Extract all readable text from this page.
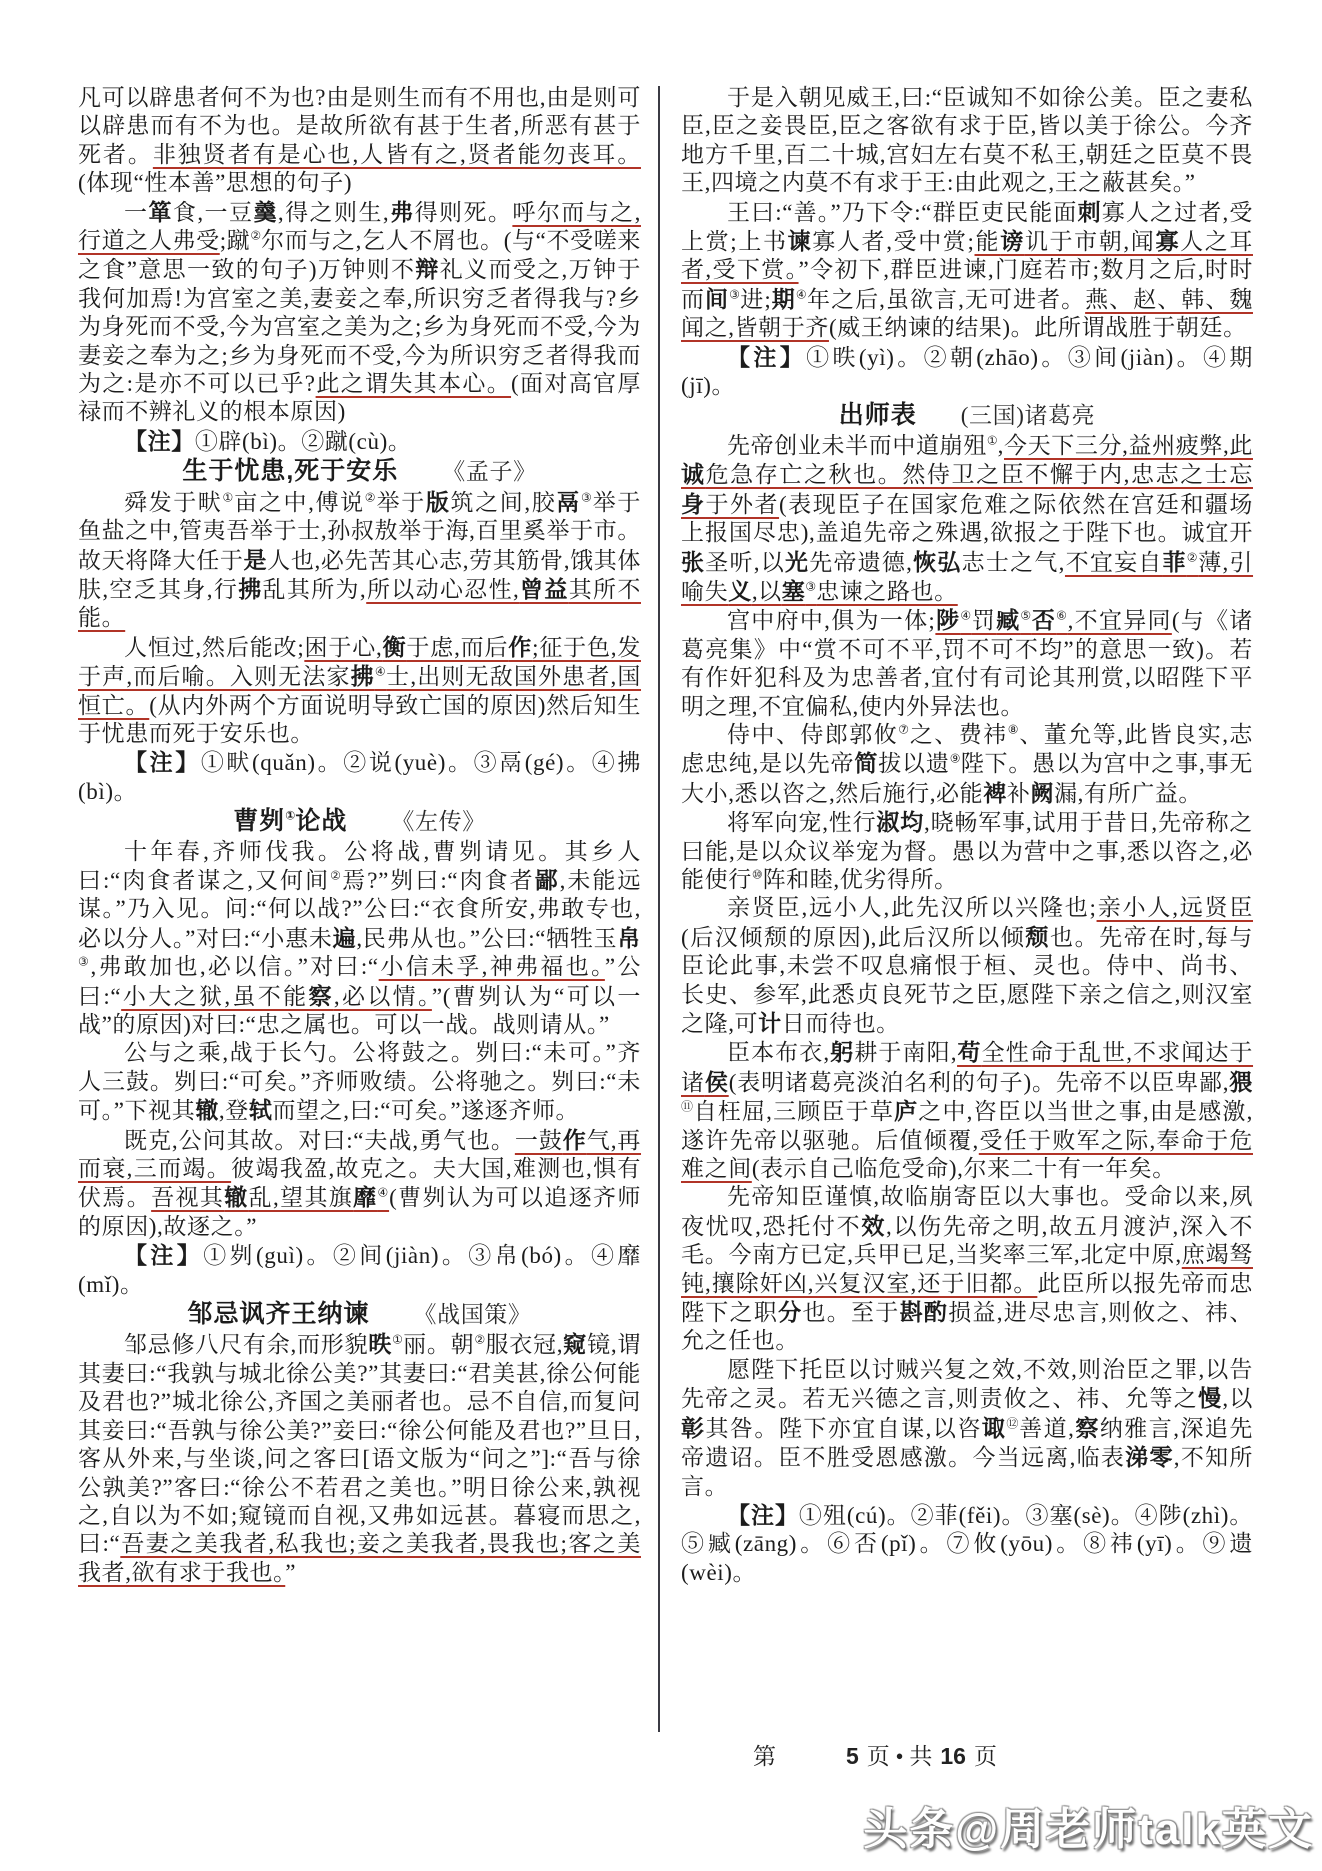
凡可以辟患者何不为也?由是则生而有不用也,由是则可以辟患而有不为也。是故所欲有甚于生者,所恶有甚于死者。非独贤者有是心也,人皆有之,贤者能勿丧耳。(体现“性本善”思想的句子)

一箪食,一豆羹,得之则生,弗得则死。呼尔而与之,行道之人弗受;蹴②尔而与之,乞人不屑也。(与“不受嗟来之食”意思一致的句子)万钟则不辩礼义而受之,万钟于我何加焉!为宫室之美,妻妾之奉,所识穷乏者得我与?乡为身死而不受,今为宫室之美为之;乡为身死而不受,今为妻妾之奉为之;乡为身死而不受,今为所识穷乏者得我而为之:是亦不可以已乎?此之谓失其本心。(面对高官厚禄而不辨礼义的根本原因)

【注】①辟(bì)。②蹴(cù)。

生于忧患,死于安乐 《孟子》

舜发于畎①亩之中,傅说②举于版筑之间,胶鬲③举于鱼盐之中,管夷吾举于士,孙叔敖举于海,百里奚举于市。故天将降大任于是人也,必先苦其心志,劳其筋骨,饿其体肤,空乏其身,行拂乱其所为,所以动心忍性,曾益其所不能。

人恒过,然后能改;困于心,衡于虑,而后作;征于色,发于声,而后喻。入则无法家拂④士,出则无敌国外患者,国恒亡。(从内外两个方面说明导致亡国的原因)然后知生于忧患而死于安乐也。

【注】①畎(quǎn)。②说(yuè)。③鬲(gé)。④拂(bì)。

曹刿①论战 《左传》

十年春,齐师伐我。公将战,曹刿请见。其乡人曰:“肉食者谋之,又何间②焉?”刿曰:“肉食者鄙,未能远谋。”乃入见。问:“何以战?”公曰:“衣食所安,弗敢专也,必以分人。”对曰:“小惠未遍,民弗从也。”公曰:“牺牲玉帛③,弗敢加也,必以信。”对曰:“小信未孚,神弗福也。”公曰:“小大之狱,虽不能察,必以情。”(曹刿认为“可以一战”的原因)对曰:“忠之属也。可以一战。战则请从。”

公与之乘,战于长勺。公将鼓之。刿曰:“未可。”齐人三鼓。刿曰:“可矣。”齐师败绩。公将驰之。刿曰:“未可。”下视其辙,登轼而望之,曰:“可矣。”遂逐齐师。

既克,公问其故。对曰:“夫战,勇气也。一鼓作气,再而衰,三而竭。彼竭我盈,故克之。夫大国,难测也,惧有伏焉。吾视其辙乱,望其旗靡④(曹刿认为可以追逐齐师的原因),故逐之。”

【注】①刿(guì)。②间(jiàn)。③帛(bó)。④靡(mǐ)。

邹忌讽齐王纳谏 《战国策》

邹忌修八尺有余,而形貌昳①丽。朝②服衣冠,窥镜,谓其妻曰:“我孰与城北徐公美?”其妻曰:“君美甚,徐公何能及君也?”城北徐公,齐国之美丽者也。忌不自信,而复问其妾曰:“吾孰与徐公美?”妾曰:“徐公何能及君也?”旦日,客从外来,与坐谈,问之客曰[语文版为“问之”]:“吾与徐公孰美?”客曰:“徐公不若君之美也。”明日徐公来,孰视之,自以为不如;窥镜而自视,又弗如远甚。暮寝而思之,曰:“吾妻之美我者,私我也;妾之美我者,畏我也;客之美我者,欲有求于我也。”

于是入朝见威王,曰:“臣诚知不如徐公美。臣之妻私臣,臣之妾畏臣,臣之客欲有求于臣,皆以美于徐公。今齐地方千里,百二十城,宫妇左右莫不私王,朝廷之臣莫不畏王,四境之内莫不有求于王:由此观之,王之蔽甚矣。”

王曰:“善。”乃下令:“群臣吏民能面刺寡人之过者,受上赏;上书谏寡人者,受中赏;能谤讥于市朝,闻寡人之耳者,受下赏。”令初下,群臣进谏,门庭若市;数月之后,时时而间③进;期④年之后,虽欲言,无可进者。燕、赵、韩、魏闻之,皆朝于齐(威王纳谏的结果)。此所谓战胜于朝廷。

【注】①昳(yì)。②朝(zhāo)。③间(jiàn)。④期(jī)。

出师表 (三国)诸葛亮

先帝创业未半而中道崩殂①,今天下三分,益州疲弊,此诚危急存亡之秋也。然侍卫之臣不懈于内,忠志之士忘身于外者(表现臣子在国家危难之际依然在宫廷和疆场上报国尽忠),盖追先帝之殊遇,欲报之于陛下也。诚宜开张圣听,以光先帝遗德,恢弘志士之气,不宜妄自菲②薄,引喻失义,以塞③忠谏之路也。

宫中府中,俱为一体;陟④罚臧⑤否⑥,不宜异同(与《诸葛亮集》中“赏不可不平,罚不可不均”的意思一致)。若有作奸犯科及为忠善者,宜付有司论其刑赏,以昭陛下平明之理,不宜偏私,使内外异法也。

侍中、侍郎郭攸⑦之、费祎⑧、董允等,此皆良实,志虑忠纯,是以先帝简拔以遗⑨陛下。愚以为宫中之事,事无大小,悉以咨之,然后施行,必能裨补阙漏,有所广益。

将军向宠,性行淑均,晓畅军事,试用于昔日,先帝称之曰能,是以众议举宠为督。愚以为营中之事,悉以咨之,必能使行⑩阵和睦,优劣得所。

亲贤臣,远小人,此先汉所以兴隆也;亲小人,远贤臣(后汉倾颓的原因),此后汉所以倾颓也。先帝在时,每与臣论此事,未尝不叹息痛恨于桓、灵也。侍中、尚书、长史、参军,此悉贞良死节之臣,愿陛下亲之信之,则汉室之隆,可计日而待也。

臣本布衣,躬耕于南阳,苟全性命于乱世,不求闻达于诸侯(表明诸葛亮淡泊名利的句子)。先帝不以臣卑鄙,猥⑪自枉屈,三顾臣于草庐之中,咨臣以当世之事,由是感激,遂许先帝以驱驰。后值倾覆,受任于败军之际,奉命于危难之间(表示自己临危受命),尔来二十有一年矣。

先帝知臣谨慎,故临崩寄臣以大事也。受命以来,夙夜忧叹,恐托付不效,以伤先帝之明,故五月渡泸,深入不毛。今南方已定,兵甲已足,当奖率三军,北定中原,庶竭驽钝,攘除奸凶,兴复汉室,还于旧都。此臣所以报先帝而忠陛下之职分也。至于斟酌损益,进尽忠言,则攸之、祎、允之任也。

愿陛下托臣以讨贼兴复之效,不效,则治臣之罪,以告先帝之灵。若无兴德之言,则责攸之、祎、允等之慢,以彰其咎。陛下亦宜自谋,以咨诹⑫善道,察纳雅言,深追先帝遗诏。臣不胜受恩感激。今当远离,临表涕零,不知所言。

【注】①殂(cú)。②菲(fěi)。③塞(sè)。④陟(zhì)。⑤臧(zāng)。⑥否(pǐ)。⑦攸(yōu)。⑧祎(yī)。⑨遗(wèi)。

第	5 页 • 共 16 页
头条@周老师talk英文
